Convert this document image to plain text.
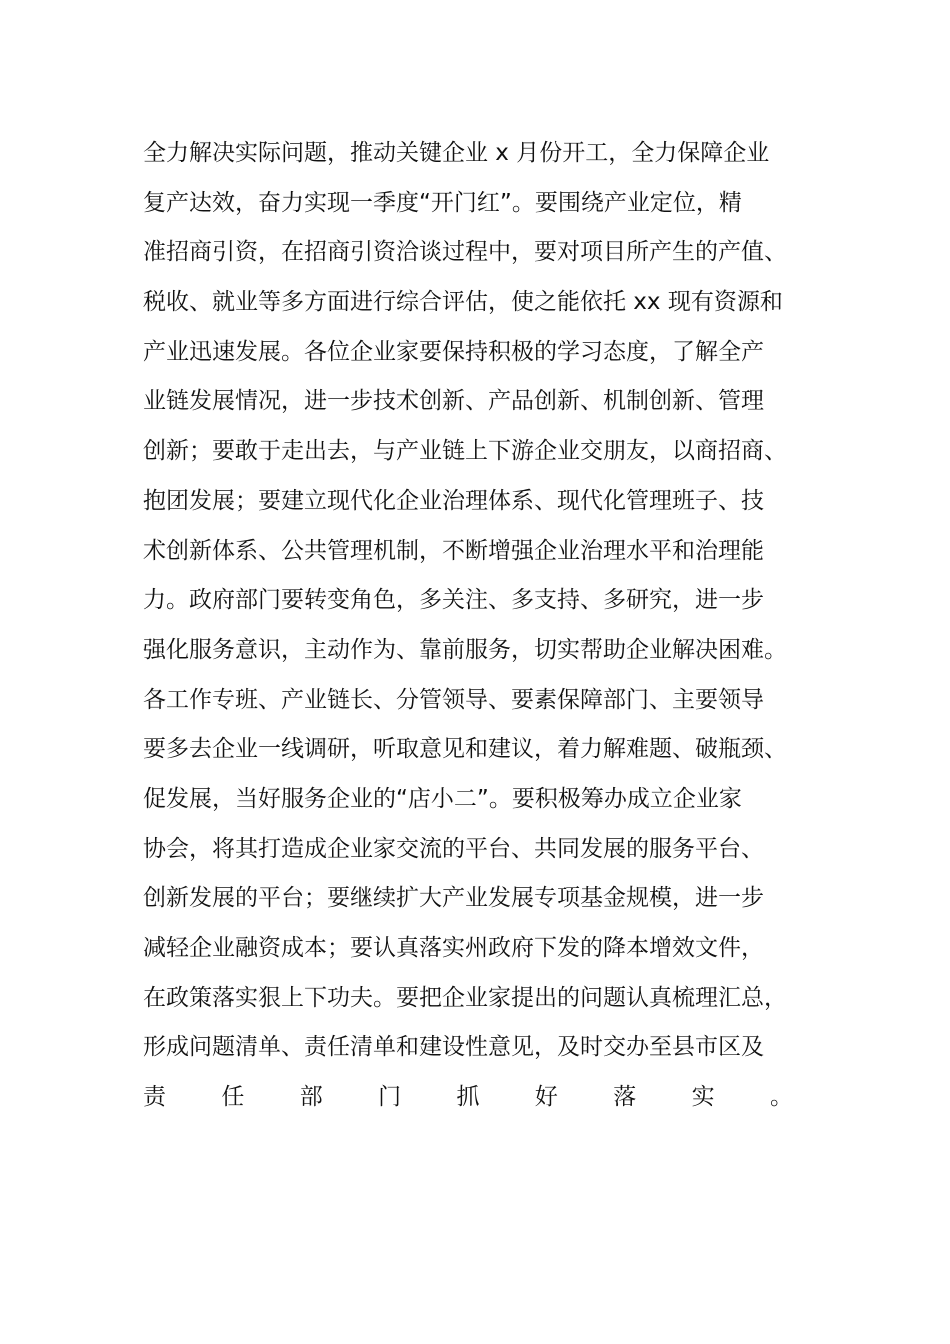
全力解决实际问题，推动关键企业 x 月份开工，全力保障企业
复产达效，奋力实现一季度“开门红”。要围绕产业定位，精
准招商引资，在招商引资洽谈过程中，要对项目所产生的产值、
税收、就业等多方面进行综合评估，使之能依托 xx 现有资源和
产业迅速发展。各位企业家要保持积极的学习态度，了解全产
业链发展情况，进一步技术创新、产品创新、机制创新、管理
创新；要敢于走出去，与产业链上下游企业交朋友，以商招商、
抱团发展；要建立现代化企业治理体系、现代化管理班子、技
术创新体系、公共管理机制，不断增强企业治理水平和治理能
力。政府部门要转变角色，多关注、多支持、多研究，进一步
强化服务意识，主动作为、靠前服务，切实帮助企业解决困难。
各工作专班、产业链长、分管领导、要素保障部门、主要领导
要多去企业一线调研，听取意见和建议，着力解难题、破瓶颈、
促发展，当好服务企业的“店小二”。要积极筹办成立企业家
协会，将其打造成企业家交流的平台、共同发展的服务平台、
创新发展的平台；要继续扩大产业发展专项基金规模，进一步
减轻企业融资成本；要认真落实州政府下发的降本增效文件，
在政策落实狠上下功夫。要把企业家提出的问题认真梳理汇总，
形成问题清单、责任清单和建设性意见，及时交办至县市区及
责 任 部 门 抓 好 落 实 。
